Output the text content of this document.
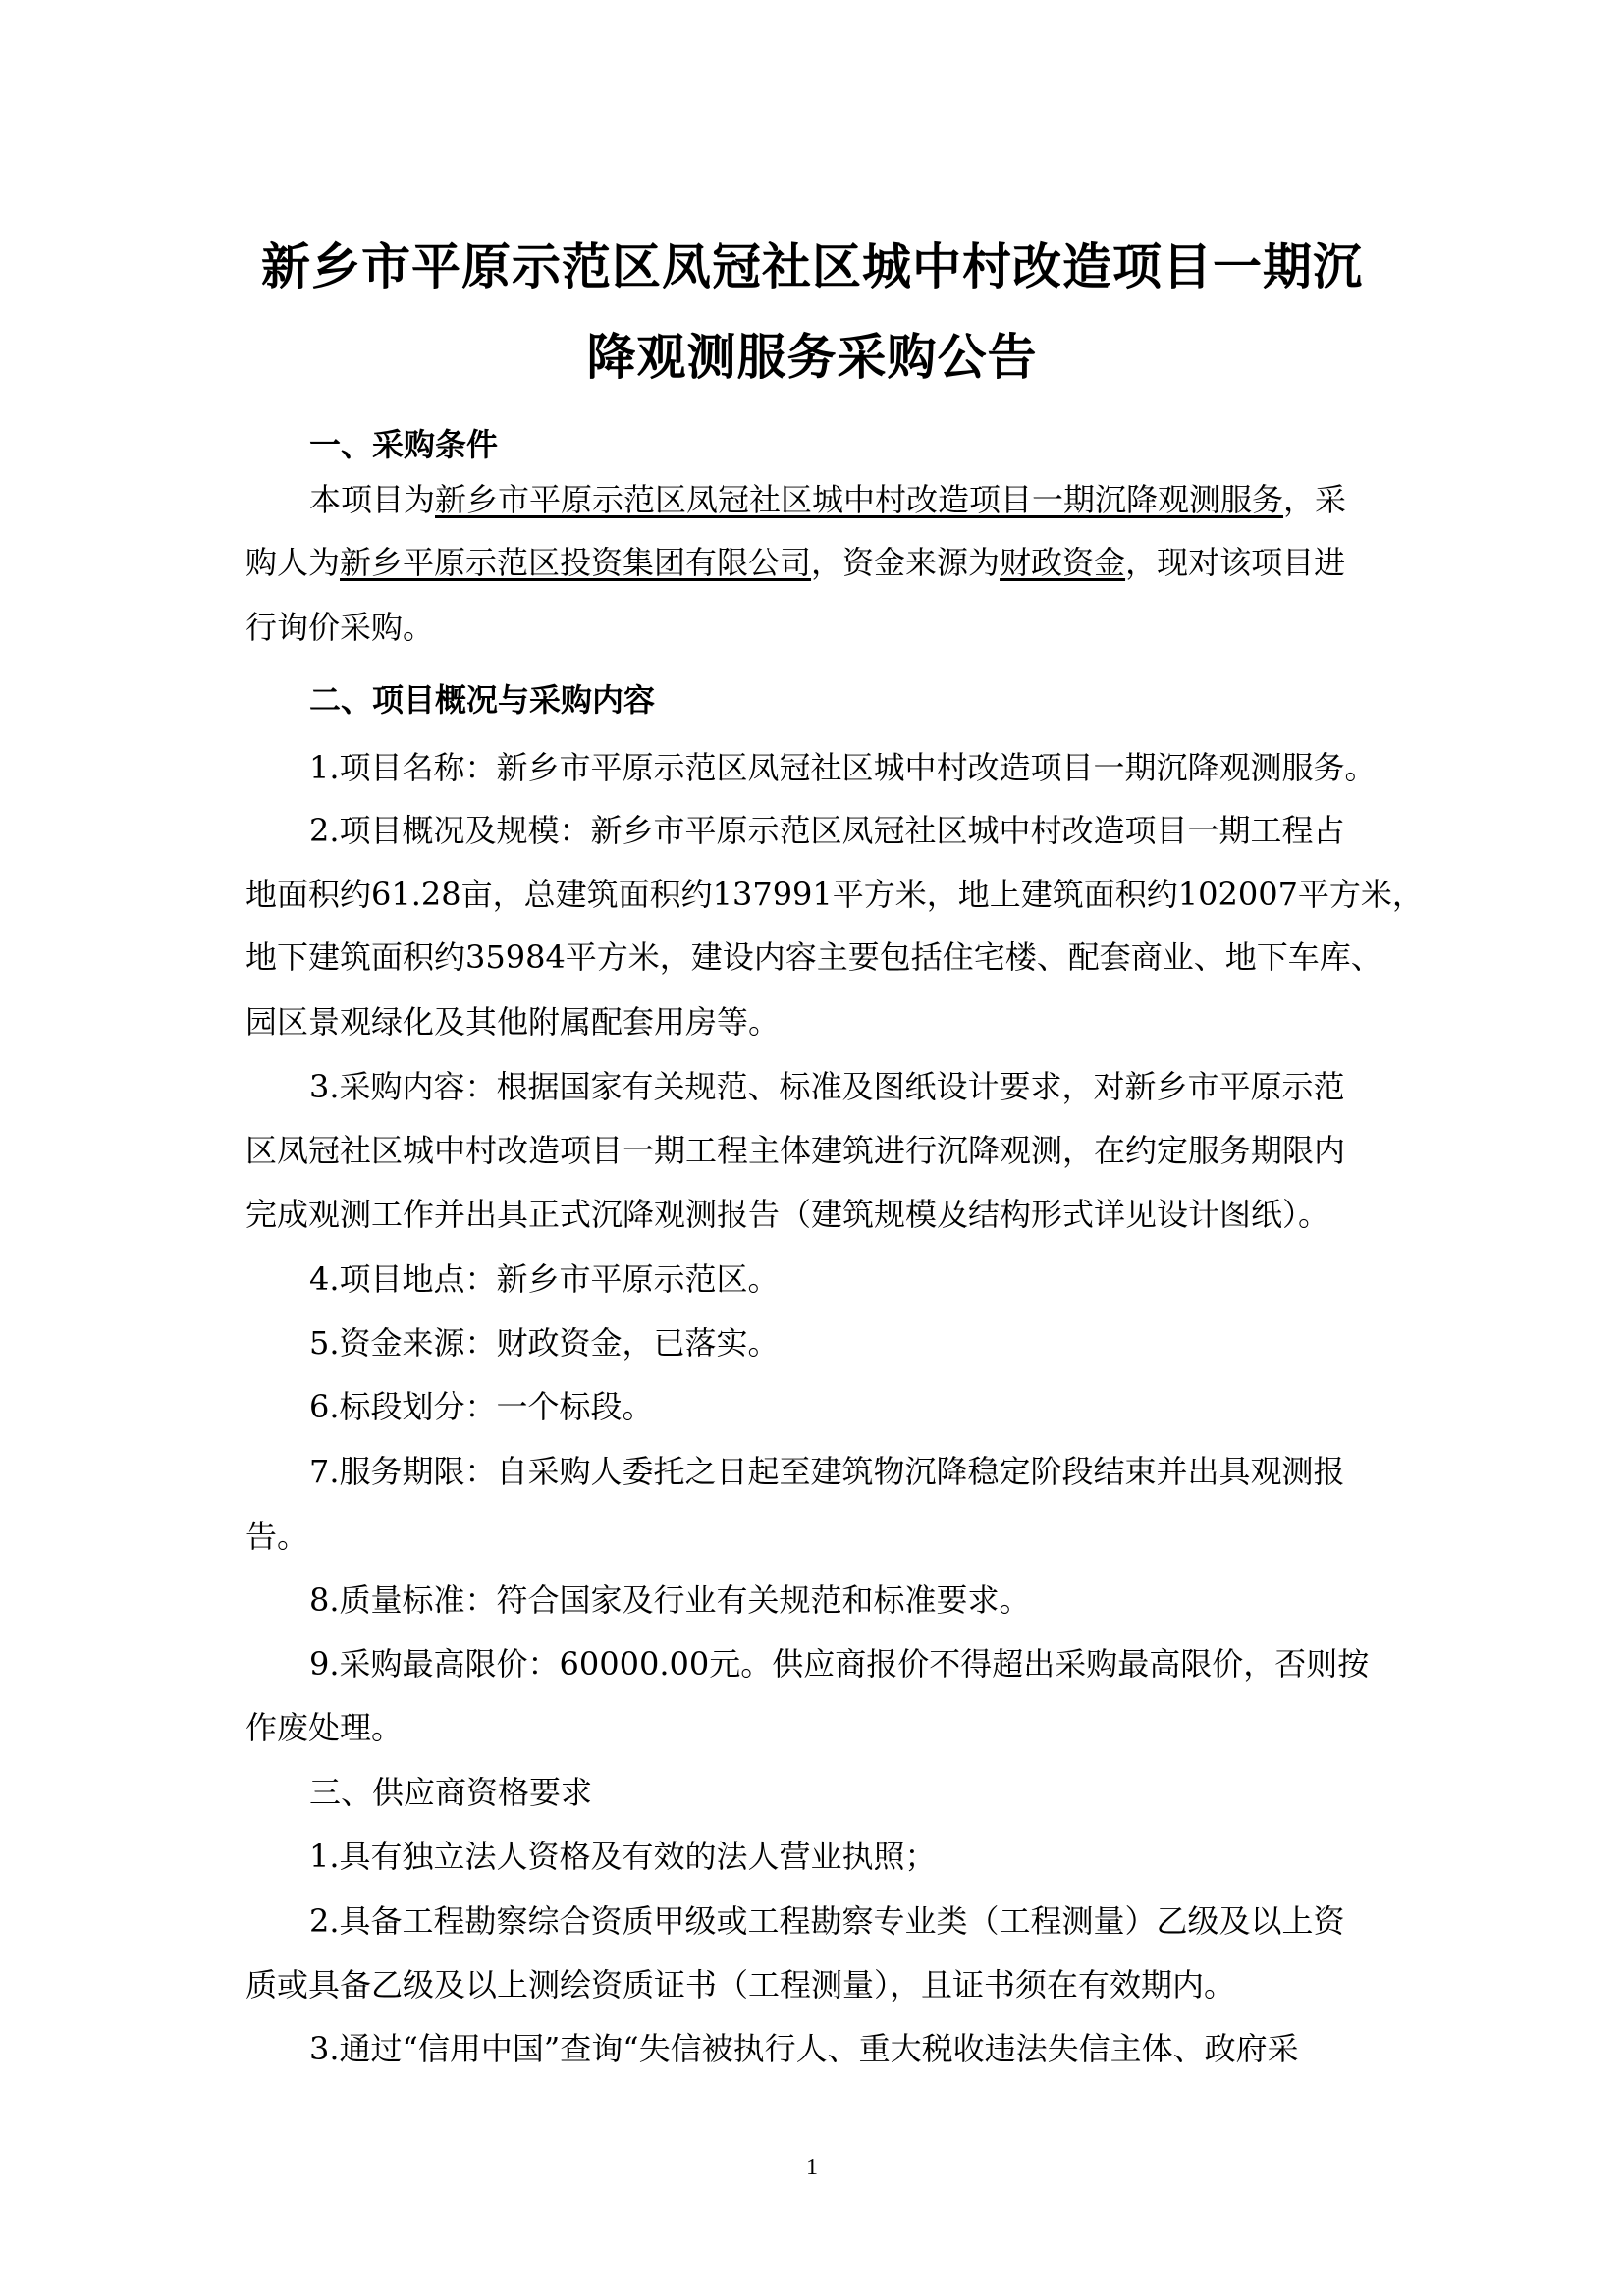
新乡市平原示范区凤冠社区城中村改造项目一期沉
降观测服务采购公告
一、采购条件
本项目为新乡市平原示范区凤冠社区城中村改造项目一期沉降观测服务，采
购人为新乡平原示范区投资集团有限公司，资金来源为财政资金，现对该项目进
行询价采购。
二、项目概况与采购内容
1.项目名称：新乡市平原示范区凤冠社区城中村改造项目一期沉降观测服务。
2.项目概况及规模：新乡市平原示范区凤冠社区城中村改造项目一期工程占
地面积约61.28亩，总建筑面积约137991平方米，地上建筑面积约102007平方米，
地下建筑面积约35984平方米，建设内容主要包括住宅楼、配套商业、地下车库、
园区景观绿化及其他附属配套用房等。
3.采购内容：根据国家有关规范、标准及图纸设计要求，对新乡市平原示范
区凤冠社区城中村改造项目一期工程主体建筑进行沉降观测，在约定服务期限内
完成观测工作并出具正式沉降观测报告（建筑规模及结构形式详见设计图纸）。
4.项目地点：新乡市平原示范区。
5.资金来源：财政资金，已落实。
6.标段划分：一个标段。
7.服务期限：自采购人委托之日起至建筑物沉降稳定阶段结束并出具观测报
告。
8.质量标准：符合国家及行业有关规范和标准要求。
9.采购最高限价：60000.00元。供应商报价不得超出采购最高限价，否则按
作废处理。
三、供应商资格要求
1.具有独立法人资格及有效的法人营业执照；
2.具备工程勘察综合资质甲级或工程勘察专业类（工程测量）乙级及以上资
质或具备乙级及以上测绘资质证书（工程测量），且证书须在有效期内。
3.通过“信用中国”查询“失信被执行人、重大税收违法失信主体、政府采
1
